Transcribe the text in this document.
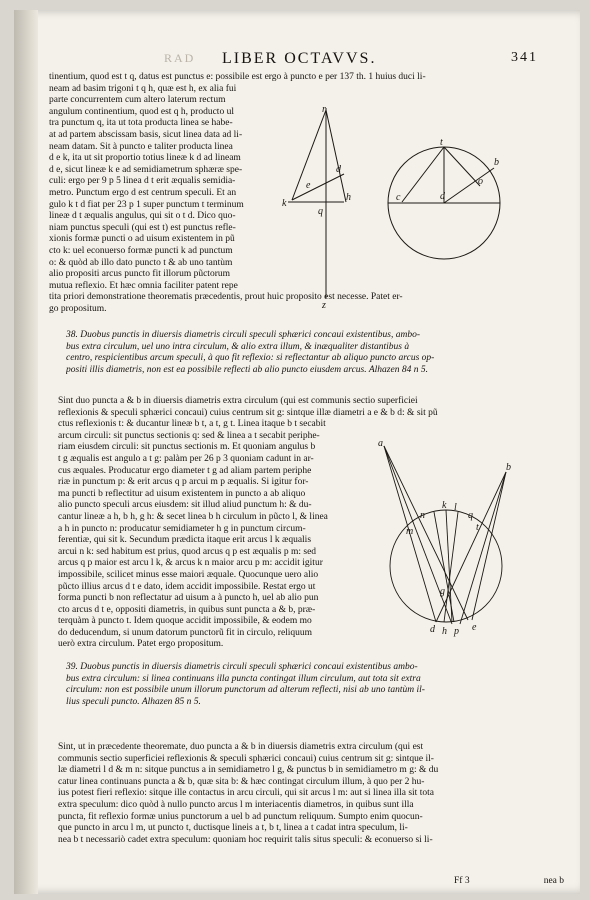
RAD LIBER OCTAVVS.	341
tinentium, quod est t q, datus est punctus e: possibile est ergo à puncto e per 137 th. 1 huius duci li-
neam ad basim trigoni t q h, quæ est h, ex alia fui
parte concurrentem cum altero laterum rectum
angulum continentium, quod est q h, producto ul
tra punctum q, ita ut tota producta linea se habe-
at ad partem abscissam basis, sicut linea data ad li-
neam datam. Sit à puncto e taliter producta linea
d e k, ita ut sit proportio totius lineæ k d ad lineam
d e, sicut lineæ k e ad semidiametrum sphæræ spe-
culi: ergo per 9 p 5 linea d t erit æqualis semidia-
metro. Punctum ergo d est centrum speculi. Et an
gulo k t d fiat per 23 p 1 super punctum t terminum
lineæ d t æqualis angulus, qui sit o t d. Dico quo-
niam punctus speculi (qui est t) est punctus refle-
xionis formæ puncti o ad uisum existentem in pũ
cto k: uel econuerso formæ puncti k ad punctum
o: & quòd ab illo dato puncto t & ab uno tantùm
alio propositi arcus puncto fit illorum pũctorum
mutua reflexio. Et hæc omnia faciliter patent repe
tita priori demonstratione theorematis præcedentis, prout huic proposito est necesse. Patet er-
go propositum.
r
e
d
t
b
k
q
h	c	d
o
z
38. Duobus punctis in diuersis diametris circuli speculi sphærici concaui existentibus, ambo-
bus extra circulum, uel uno intra circulum, & alio extra illum, & inæqualiter distantibus à
centro, respicientibus arcum speculi, à quo fit reflexio: si reflectantur ab aliquo puncto arcus op-
positi illis diametris, non est ea possibile reflecti ab alio puncto eiusdem arcus. Alhazen 84 n 5.
Sint duo puncta a & b in diuersis diametris extra circulum (qui est communis sectio superficiei
reflexionis & speculi sphærici concaui) cuius centrum sit g: sintque illæ diametri a e & b d: & sit pũ
ctus reflexionis t: & ducantur lineæ b t, a t, g t. Linea itaque b t secabit
arcum circuli: sit punctus sectionis q: sed & linea a t secabit periphe-
riam eiusdem circuli: sit punctus sectionis m. Et quoniam angulus b
t g æqualis est angulo a t g: palàm per 26 p 3 quoniam cadunt in ar-
cus æquales. Producatur ergo diameter t g ad aliam partem periphe
riæ in punctum p: & erit arcus q p arcui m p æqualis. Si igitur for-
ma puncti b reflectitur ad uisum existentem in puncto a ab aliquo
alio puncto speculi arcus eiusdem: sit illud aliud punctum h: & du-
cantur lineæ a h, b h, g h: & secet linea b h circulum in pũcto l, & linea
a h in puncto n: producatur semidiameter h g in punctum circum-
ferentiæ, qui sit k. Secundum prædicta itaque erit arcus l k æqualis
arcui n k: sed habitum est prius, quod arcus q p est æqualis p m: sed
arcus q p maior est arcu l k, & arcus k n maior arcu p m: accidit igitur
impossibile, scilicet minus esse maiori æquale. Quocunque uero alio
pũcto illius arcus d t e dato, idem accidit impossibile. Restat ergo ut
forma puncti b non reflectatur ad uisum a à puncto h, uel ab alio pun
cto arcus d t e, oppositi diametris, in quibus sunt puncta a & b, præ-
terquàm à puncto t. Idem quoque accidit impossibile, & eodem mo
do deducendum, si unum datorum punctorũ fit in circulo, reliquum
uerò extra circulum. Patet ergo propositum.
a
b
n
k l
q
t
m
g
d h p e
39. Duobus punctis in diuersis diametris circuli speculi sphærici concaui existentibus ambo-
bus extra circulum: si linea continuans illa puncta contingat illum circulum, aut tota sit extra
circulum: non est possibile unum illorum punctorum ad alterum reflecti, nisi ab uno tantùm il-
lius speculi puncto. Alhazen 85 n 5.
Sint, ut in præcedente theoremate, duo puncta a & b in diuersis diametris extra circulum (qui est
communis sectio superficiei reflexionis & speculi sphærici concaui) cuius centrum sit g: sintque il-
læ diametri l d & m n: sitque punctus a in semidiametro l g, & punctus b in semidiametro m g: & du
catur linea continuans puncta a & b, quæ sita b: & hæc contingat circulum illum, à quo per 2 hu-
ius potest fieri reflexio: sitque ille contactus in arcu circuli, qui sit arcus l m: aut si linea illa sit tota
extra speculum: dico quòd à nullo puncto arcus l m interiacentis diametros, in quibus sunt illa
puncta, fit reflexio formæ unius punctorum a uel b ad punctum reliquum. Sumpto enim quocun-
que puncto in arcu l m, ut puncto t, ductisque lineis a t, b t, linea a t cadat intra speculum, li-
nea b t necessariò cadet extra speculum: quoniam hoc requirit talis situs speculi: & econuerso si li-
Ff 3	nea b
